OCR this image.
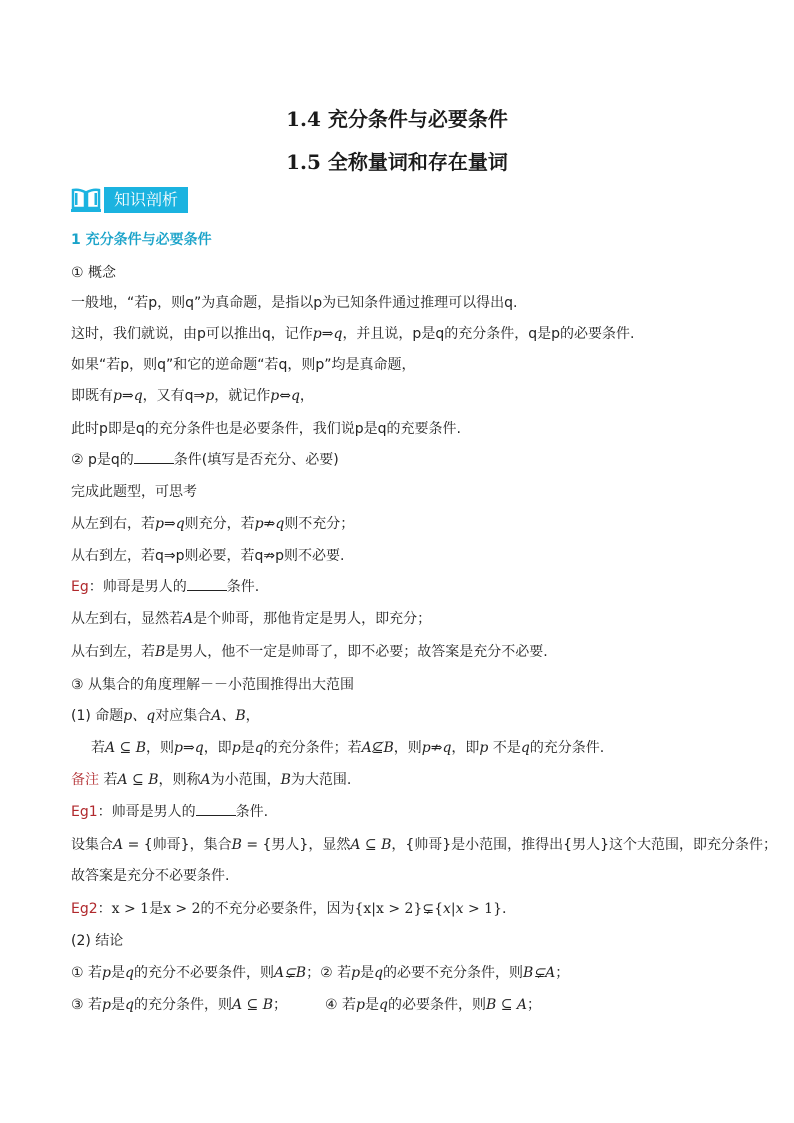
1.4 充分条件与必要条件
1.5 全称量词和存在量词
知识剖析
1 充分条件与必要条件
① 概念
一般地，“若p，则q”为真命题，是指以p为已知条件通过推理可以得出q.
这时，我们就说，由p可以推出q，记作p⇒q，并且说，p是q的充分条件，q是p的必要条件.
如果“若p，则q”和它的逆命题“若q，则p”均是真命题，
即既有p⇒q，又有q⇒p，就记作p⇔q，
此时p即是q的充分条件也是必要条件，我们说p是q的充要条件.
② p是q的	条件(填写是否充分、必要)
完成此题型，可思考
从左到右，若p⇒q则充分，若p⇏q则不充分；
从右到左，若q⇒p则必要，若q⇏p则不必要.
Eg：帅哥是男人的	条件.
从左到右，显然若A是个帅哥，那他肯定是男人，即充分；
从右到左，若B是男人，他不一定是帅哥了，即不必要；故答案是充分不必要.
③ 从集合的角度理解－－小范围推得出大范围
(1) 命题p、q对应集合A、B，
若A ⊆ B，则p⇒q，即p是q的充分条件；若A⊈B，则p⇏q，即p 不是q的充分条件.
备注 若A ⊆ B，则称A为小范围，B为大范围.
Eg1：帅哥是男人的	条件.
设集合A = {帅哥}，集合B = {男人}，显然A ⊆ B，{帅哥}是小范围，推得出{男人}这个大范围，即充分条件；
故答案是充分不必要条件.
Eg2：x > 1是x > 2的不充分必要条件，因为{x|x > 2}⊊{x|x > 1}.
(2) 结论
① 若p是q的充分不必要条件，则A⊊B；② 若p是q的必要不充分条件，则B⊊A；
③ 若p是q的充分条件，则A ⊆ B；	④ 若p是q的必要条件，则B ⊆ A；
